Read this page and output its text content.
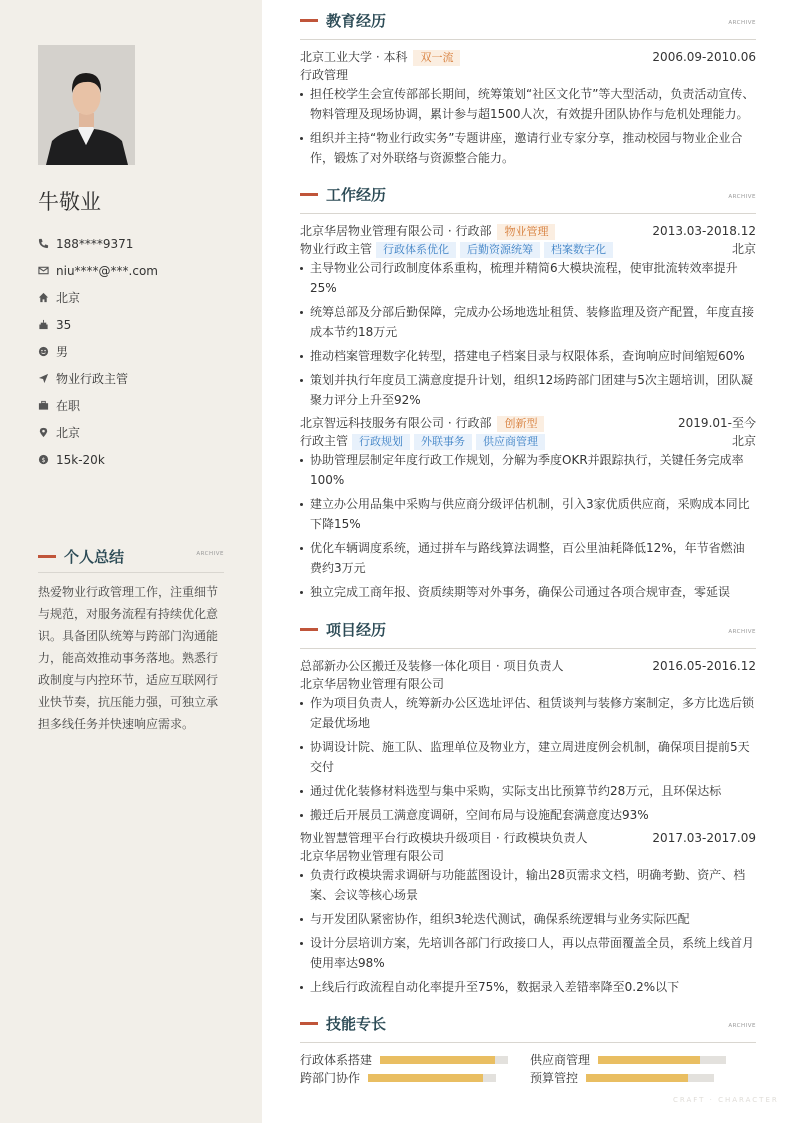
牛敬业
188****9371
niu****@***.com
北京
35
男
物业行政主管
在职
北京
$ 15k-20k
个人总结	ARCHIVE
热爱物业行政管理工作，注重细节与规范，对服务流程有持续优化意识。具备团队统筹与跨部门沟通能力，能高效推动事务落地。熟悉行政制度与内控环节，适应互联网行业快节奏，抗压能力强，可独立承担多线任务并快速响应需求。
教育经历	ARCHIVE
北京工业大学 · 本科 双一流	2006.09-2010.06
行政管理
担任校学生会宣传部部长期间，统筹策划“社区文化节”等大型活动，负责活动宣传、物料管理及现场协调，累计参与超1500人次，有效提升团队协作与危机处理能力。
组织并主持“物业行政实务”专题讲座，邀请行业专家分享，推动校园与物业企业合作，锻炼了对外联络与资源整合能力。
工作经历	ARCHIVE
北京华居物业管理有限公司 · 行政部 物业管理	2013.03-2018.12
物业行政主管 行政体系优化 后勤资源统筹 档案数字化	北京
主导物业公司行政制度体系重构，梳理并精简6大模块流程，使审批流转效率提升25%
统筹总部及分部后勤保障，完成办公场地选址租赁、装修监理及资产配置，年度直接成本节约18万元
推动档案管理数字化转型，搭建电子档案目录与权限体系，查询响应时间缩短60%
策划并执行年度员工满意度提升计划，组织12场跨部门团建与5次主题培训，团队凝聚力评分上升至92%
北京智远科技服务有限公司 · 行政部 创新型	2019.01-至今
行政主管 行政规划 外联事务 供应商管理	北京
协助管理层制定年度行政工作规划，分解为季度OKR并跟踪执行，关键任务完成率100%
建立办公用品集中采购与供应商分级评估机制，引入3家优质供应商，采购成本同比下降15%
优化车辆调度系统，通过拼车与路线算法调整，百公里油耗降低12%，年节省燃油费约3万元
独立完成工商年报、资质续期等对外事务，确保公司通过各项合规审查，零延误
项目经历	ARCHIVE
总部新办公区搬迁及装修一体化项目 · 项目负责人	2016.05-2016.12
北京华居物业管理有限公司
作为项目负责人，统筹新办公区选址评估、租赁谈判与装修方案制定，多方比选后锁定最优场地
协调设计院、施工队、监理单位及物业方，建立周进度例会机制，确保项目提前5天交付
通过优化装修材料选型与集中采购，实际支出比预算节约28万元，且环保达标
搬迁后开展员工满意度调研，空间布局与设施配套满意度达93%
物业智慧管理平台行政模块升级项目 · 行政模块负责人	2017.03-2017.09
北京华居物业管理有限公司
负责行政模块需求调研与功能蓝图设计，输出28页需求文档，明确考勤、资产、档案、会议等核心场景
与开发团队紧密协作，组织3轮迭代测试，确保系统逻辑与业务实际匹配
设计分层培训方案，先培训各部门行政接口人，再以点带面覆盖全员，系统上线首月使用率达98%
上线后行政流程自动化率提升至75%，数据录入差错率降至0.2%以下
技能专长	ARCHIVE
行政体系搭建	供应商管理
跨部门协作	预算管控
CRAFT · CHARACTER
